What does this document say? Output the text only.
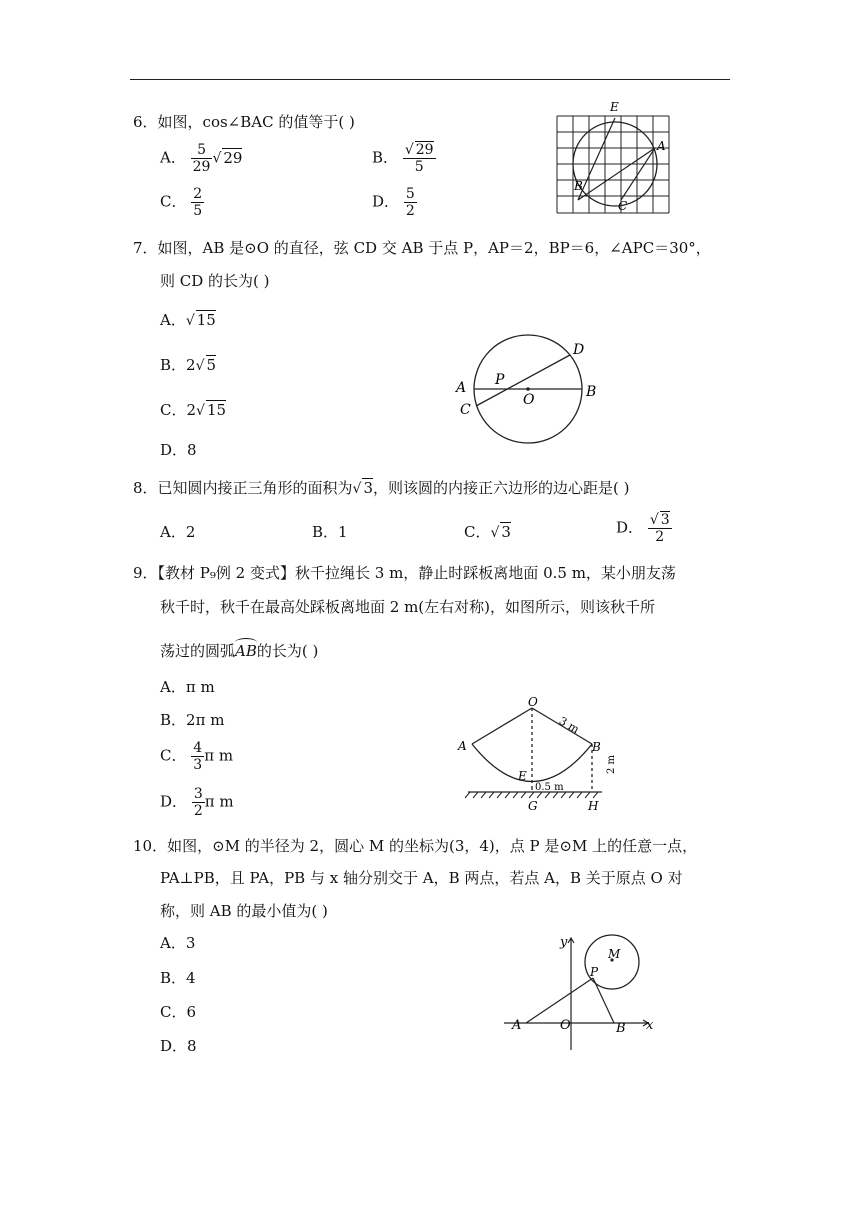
6．如图，cos∠BAC 的值等于( )
A． $\frac{5}{29}$ √ 29	B． $\frac{√ 29}{5}$
C． $\frac{2}{5}$	D． $\frac{5}{2}$
E
A
B
C
7．如图，AB 是⊙O 的直径，弦 CD 交 AB 于点 P，AP＝2，BP＝6，∠APC＝30°，
则 CD 的长为( )
A．√ 15
B．2√ 5
C．2√ 15
D．8
A	B
C
D
P
O
8．已知圆内接正三角形的面积为√ 3，则该圆的内接正六边形的边心距是( )
A．2	B．1	C．√ 3	D． $\frac{√ 3}{2}$
9．【教材 P₉例 2 变式】秋千拉绳长 3 m，静止时踩板离地面 0.5 m，某小朋友荡
秋千时，秋千在最高处踩板离地面 2 m(左右对称)，如图所示，则该秋千所
荡过的圆弧
AB的长为( )
A．π m
B．2π m
C． $\frac{4}{3}$ π m
D． $\frac{3}{2}$ π m
O
A	B
E
G	H
3 m
0.5 m
2 m
10．如图，⊙M 的半径为 2，圆心 M 的坐标为(3，4)，点 P 是⊙M 上的任意一点，
PA⊥PB，且 PA，PB 与 x 轴分别交于 A，B 两点，若点 A，B 关于原点 O 对
称，则 AB 的最小值为( )
A．3
B．4
C．6
D．8
y
x
M
P
A	O	B
